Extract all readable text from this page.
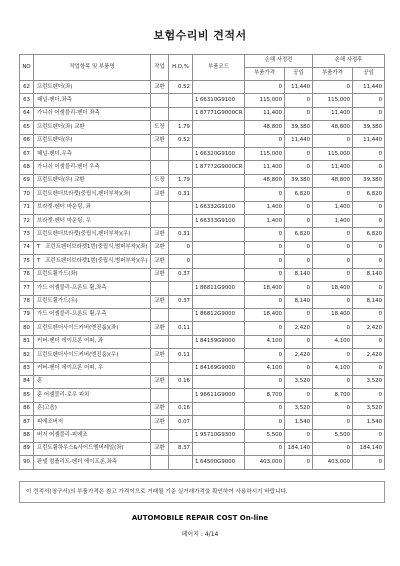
보험수리비 견적서
NO	작업항목 및 부품명	작업	H.O,%	부품코드	손해 사정전		손해 사정후	
					부품가격	공임	부품가격	공임
62	프런트펜더(좌)	교환	0.52		0	11,440	0	11,440
63	패널-펜더,좌측			1 66310G9100	115,000	0	115,000	0
64	가니쉬 어셈블리-펜더 좌측			1 87771G9000CR	11,400	0	11,400	0
65	프런트펜더(좌) 교환	도장	1.79		48,800	39,380	48,800	39,380
66	프런트펜더(우)	교환	0.52		0	11,440	0	11,440
67	패널-펜더,우측			1 66320G9100	115,000	0	115,000	0
68	가니쉬 어셈블리-펜더 우측			1 87772G9000CR	11,400	0	11,400	0
69	프런트펜더(우) 교환	도장	1.79		48,800	39,380	48,800	39,380
70	프런트펜더브라켓(중립식,펜더부착)(좌)	교환	0.31		0	6,820	0	6,820
71	브라켓-펜더 마운팅, 좌			1 66332G9100	1,400	0	1,400	0
72	브라켓-펜더 마운팅, 우			1 66333G9100	1,400	0	1,400	0
73	프런트펜더브라켓(중립식,펜더부착)(우)	교환	0.31		0	6,820	0	6,820
74	T 프런트펜더브라켓1번(중립식,범퍼부착)(좌)	교환	0		0	0	0	0
75	T 프런트펜더브라켓1번(중립식,범퍼부착)(우)	교환	0		0	0	0	0
76	프런트휠가드(좌)	교환	0.37		0	8,140	0	8,140
77	가드 어셈블리-프론트 휠,좌측			1 86811G9000	18,400	0	18,400	0
78	프런트휠가드(우)	교환	0.37		0	8,140	0	8,140
79	가드 어셈블리-프론트 휠,우측			1 86812G9000	18,400	0	18,400	0
80	프런트펜더사이드커버(엔진룸)(좌)	교환	0.11		0	2,420	0	2,420
81	커버-펜더 에이프론 어퍼, 좌			1 84159G9000	4,100	0	4,100	0
82	프런트펜더사이드커버(엔진룸)(우)	교환	0.11		0	2,420	0	2,420
83	커버-펜더 에이프론 어퍼, 우			1 84169G9000	4,100	0	4,100	0
84	혼	교환	0.16		0	3,520	0	3,520
85	혼 어셈블리-로우 피치			1 96611G9000	8,700	0	8,700	0
86	혼(고음)	교환	0.16		0	3,520	0	3,520
87	피에조버저	교환	0.07		0	1,540	0	1,540
88	버저 어셈블리-피에조			1 95710G9300	5,500	0	5,500	0
89	프런트휠하우스&사이드멤버레일(좌)	교환	8.37		0	184,140	0	184,140
90	판넬 컴플리트-펜더 에이프론,좌측			1 64500G9000	403,000	0	403,000	0
이 견적서(청구서)의 부품가격은 참고 가격이므로 거래될 기준 실거래가격을 확인하여 사용하시기 바랍니다.
AUTOMOBILE REPAIR COST On-line
페이지 : 4/14
